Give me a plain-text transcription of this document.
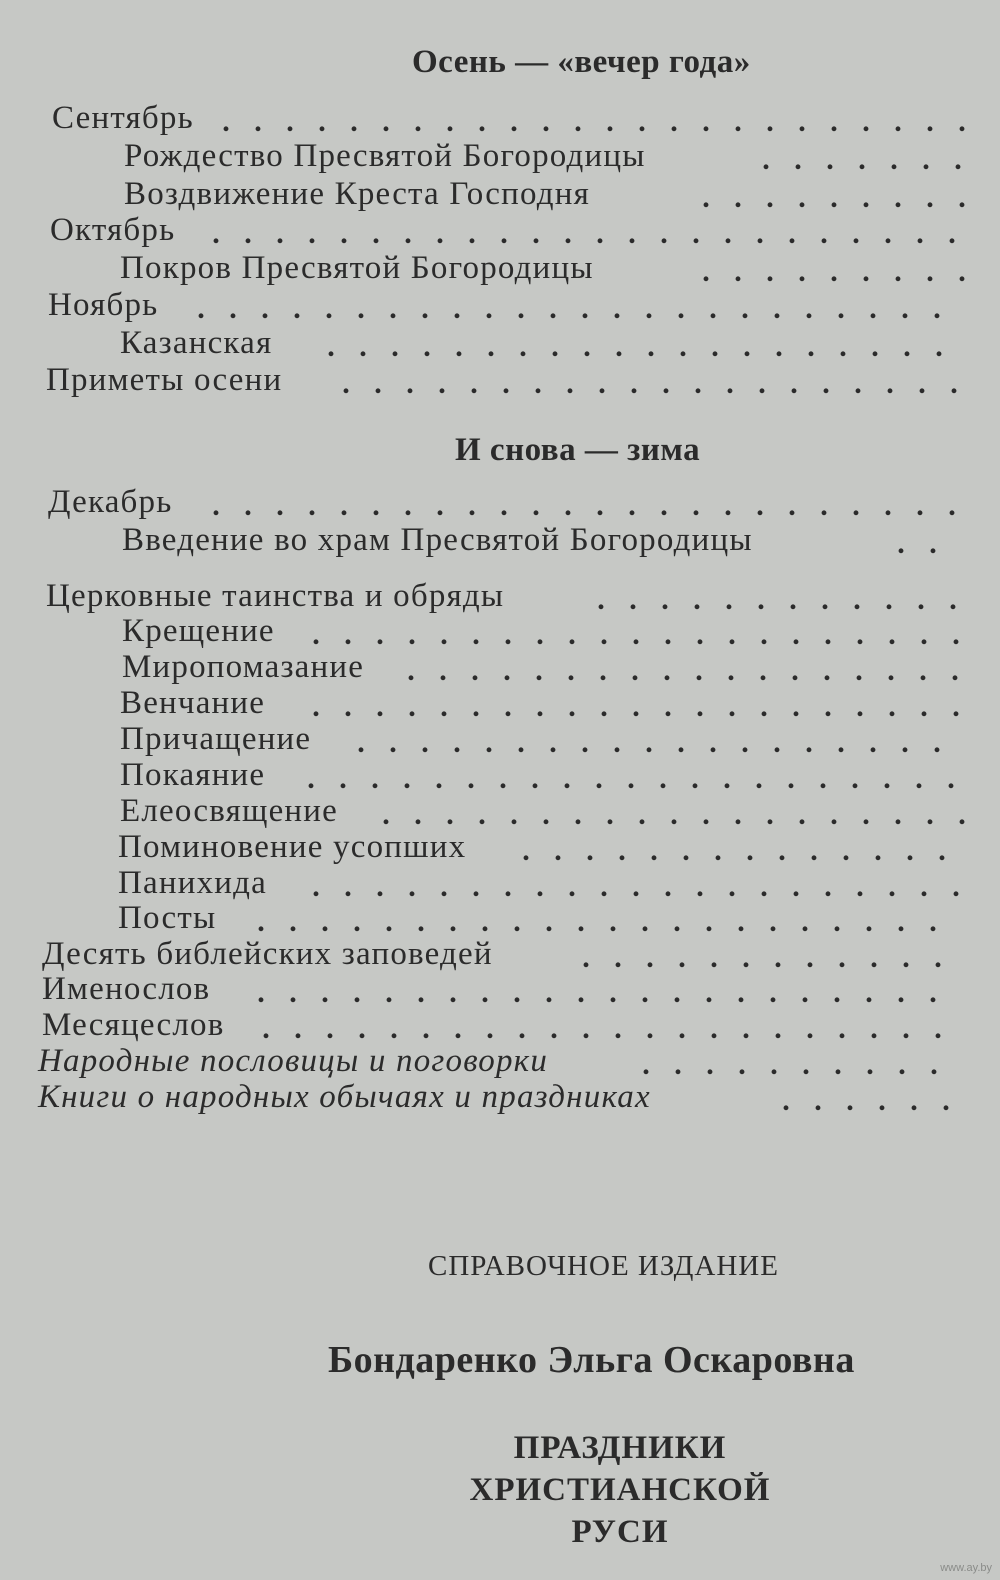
Осень — «вечер года»
Сентябрь . . . . . . . . . . . . . . . . . . . . . . . .
Рождество Пресвятой Богородицы	. . . . . . .
Воздвижение Креста Господня	. . . . . . . . .
Октябрь	. . . . . . . . . . . . . . . . . . . . . . . .
Покров Пресвятой Богородицы	. . . . . . . . .
Ноябрь	. . . . . . . . . . . . . . . . . . . . . . . .
Казанская	. . . . . . . . . . . . . . . . . . . .
Приметы осени	. . . . . . . . . . . . . . . . . . . .
И снова — зима
Декабрь	. . . . . . . . . . . . . . . . . . . . . . . .
Введение во храм Пресвятой Богородицы	. .
Церковные таинства и обряды	. . . . . . . . . . . .
Крещение	. . . . . . . . . . . . . . . . . . . . .
Миропомазание	. . . . . . . . . . . . . . . . . .
Венчание	. . . . . . . . . . . . . . . . . . . . .
Причащение	. . . . . . . . . . . . . . . . . . .
Покаяние	. . . . . . . . . . . . . . . . . . . . .
Елеосвящение	. . . . . . . . . . . . . . . . . . .
Поминовение усопших	. . . . . . . . . . . . . .
Панихида	. . . . . . . . . . . . . . . . . . . . .
Посты	. . . . . . . . . . . . . . . . . . . . . .
Десять библейских заповедей	. . . . . . . . . . . .
Именослов	. . . . . . . . . . . . . . . . . . . . . .
Месяцеслов	. . . . . . . . . . . . . . . . . . . . . .
Народные пословицы и поговорки	. . . . . . . . . .
Книги о народных обычаях и праздниках	. . . . . .
СПРАВОЧНОЕ ИЗДАНИЕ
Бондаренко Эльга Оскаровна
ПРАЗДНИКИ
ХРИСТИАНСКОЙ
РУСИ
www.ay.by
